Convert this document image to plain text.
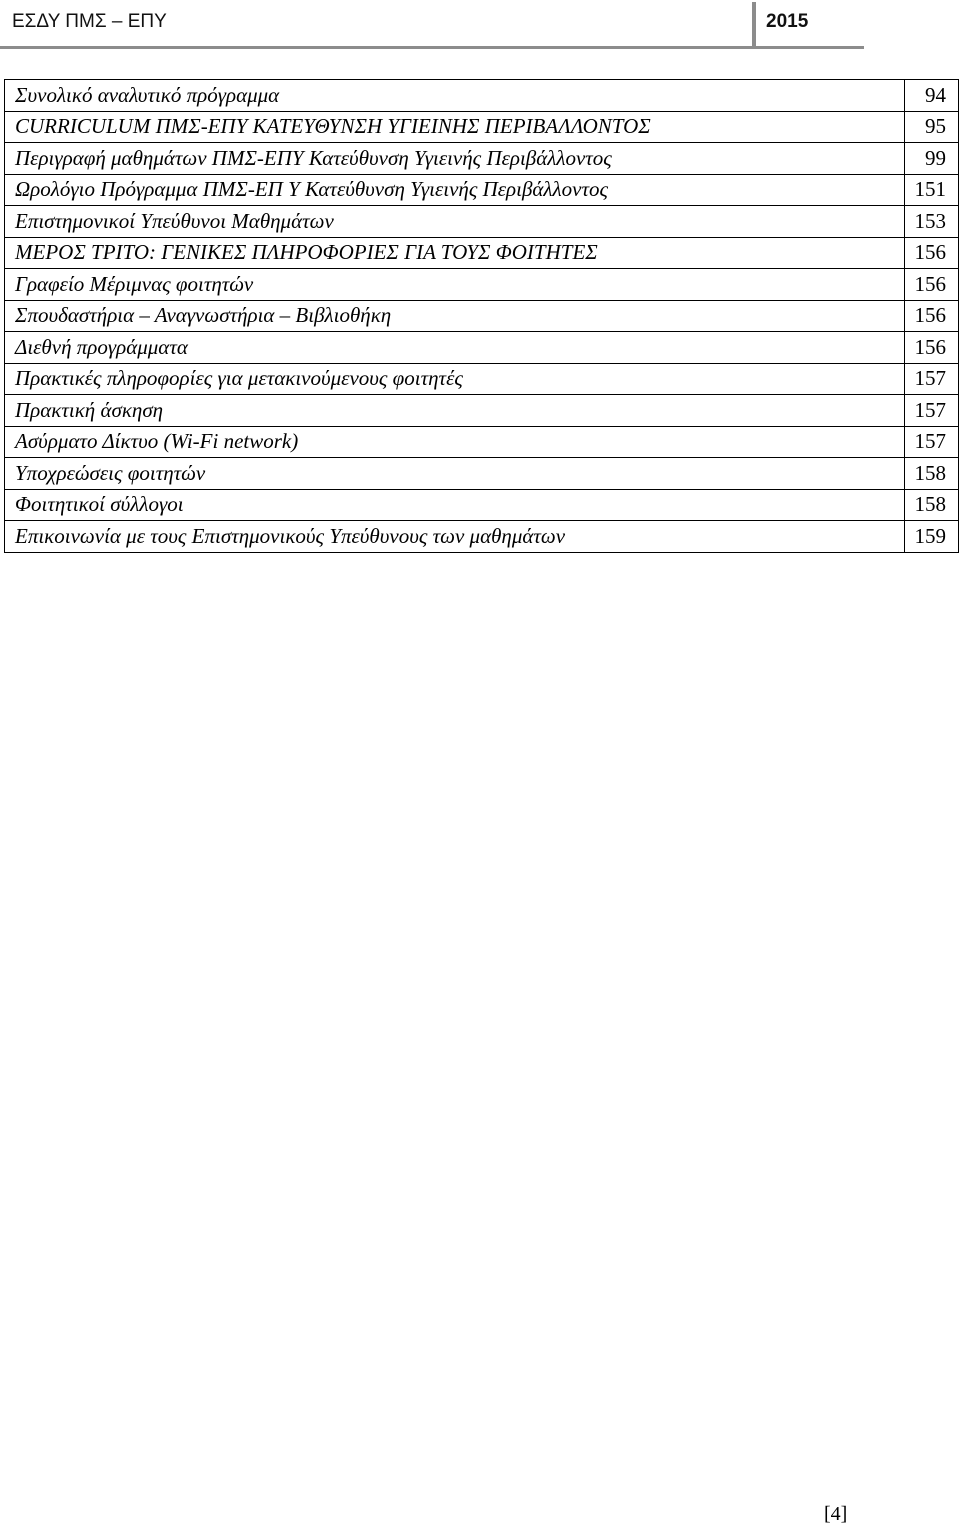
ΕΣΔΥ ΠΜΣ – ΕΠΥ	2015
Συνολικό αναλυτικό πρόγραμμα	94
CURRICULUM ΠΜΣ-ΕΠΥ ΚΑΤΕΥΘΥΝΣΗ ΥΓΙΕΙΝΗΣ ΠΕΡΙΒΑΛΛΟΝΤΟΣ	95
Περιγραφή μαθημάτων ΠΜΣ-ΕΠΥ Κατεύθυνση Υγιεινής Περιβάλλοντος	99
Ωρολόγιο Πρόγραμμα ΠΜΣ-ΕΠ Υ Κατεύθυνση Υγιεινής Περιβάλλοντος	151
Επιστημονικοί Υπεύθυνοι Μαθημάτων	153
ΜΕΡΟΣ ΤΡΙΤΟ: ΓΕΝΙΚΕΣ ΠΛΗΡΟΦΟΡΙΕΣ ΓΙΑ ΤΟΥΣ ΦΟΙΤΗΤΕΣ	156
Γραφείο Μέριμνας φοιτητών	156
Σπουδαστήρια – Αναγνωστήρια – Βιβλιοθήκη	156
Διεθνή προγράμματα	156
Πρακτικές πληροφορίες για μετακινούμενους φοιτητές	157
Πρακτική άσκηση	157
Ασύρματο Δίκτυο (Wi-Fi network)	157
Υποχρεώσεις φοιτητών	158
Φοιτητικοί σύλλογοι	158
Επικοινωνία με τους Επιστημονικούς Υπεύθυνους των μαθημάτων	159
[4]
